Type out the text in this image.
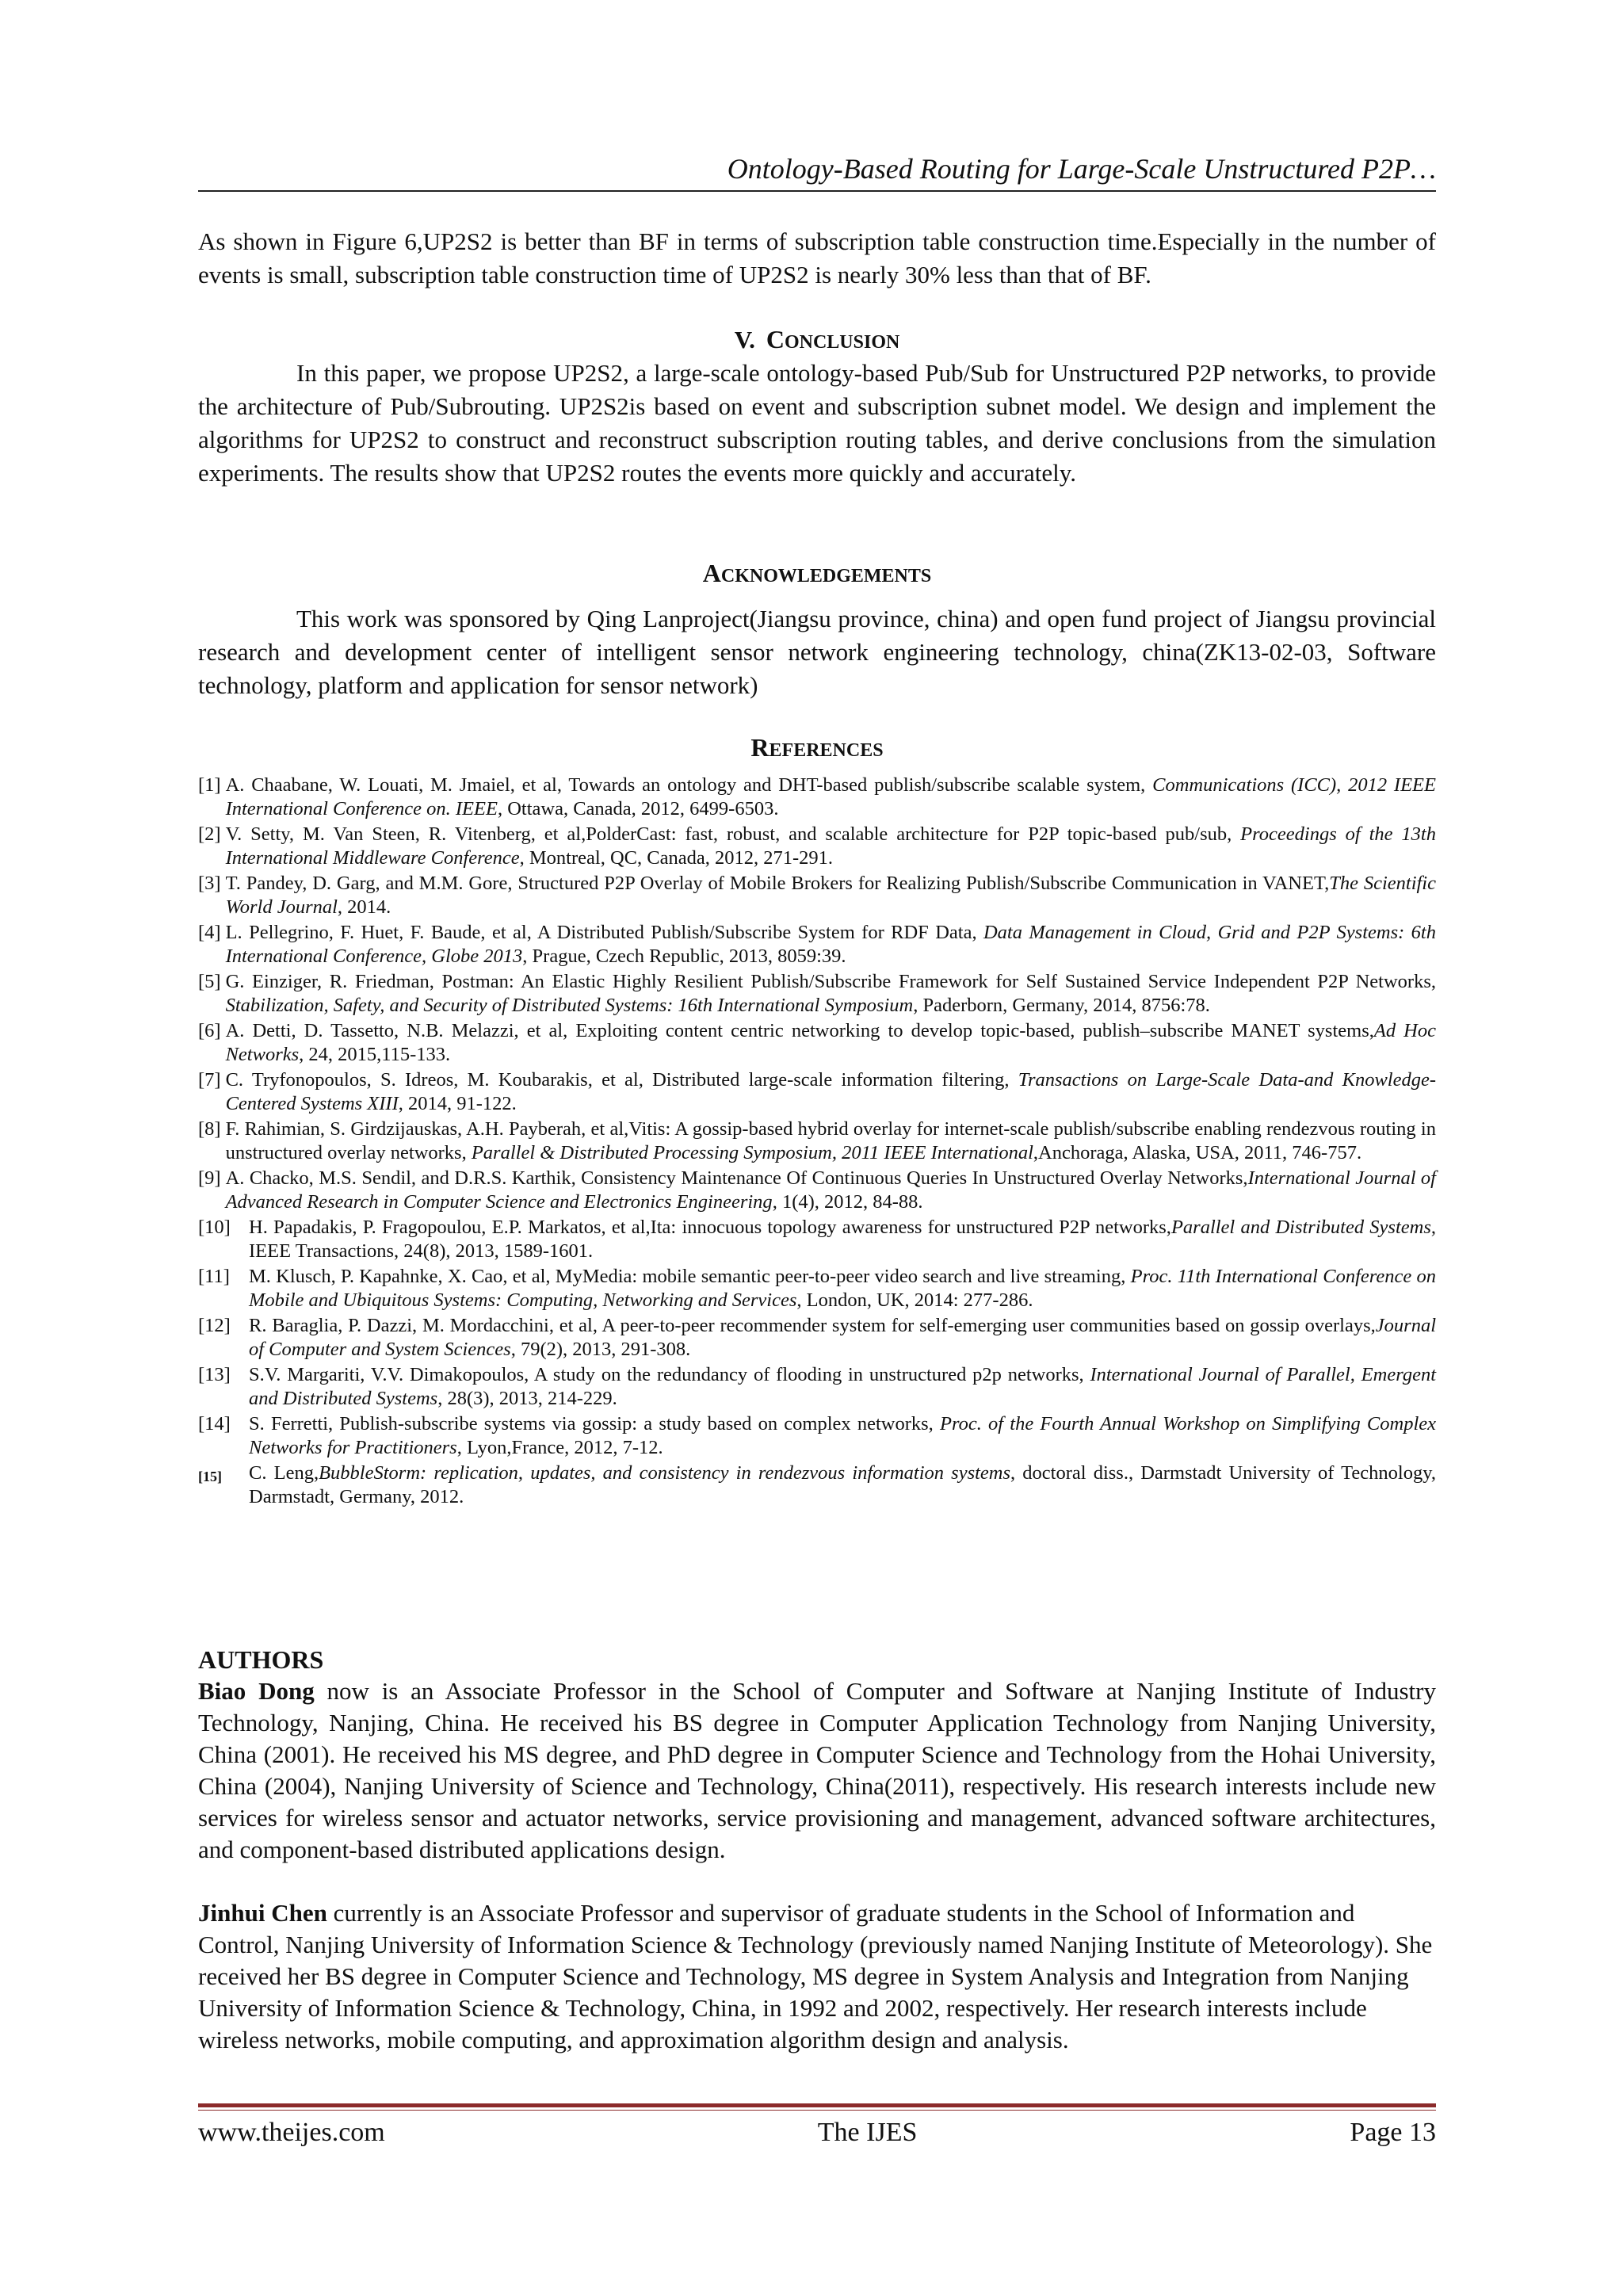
Ontology-Based Routing for Large-Scale Unstructured P2P…

As shown in Figure 6,UP2S2 is better than BF in terms of subscription table construction time.Especially in the number of events is small, subscription table construction time of UP2S2 is nearly 30% less than that of BF.

V. CONCLUSION

In this paper, we propose UP2S2, a large-scale ontology-based Pub/Sub for Unstructured P2P networks, to provide the architecture of Pub/Subrouting. UP2S2is based on event and subscription subnet model. We design and implement the algorithms for UP2S2 to construct and reconstruct subscription routing tables, and derive conclusions from the simulation experiments. The results show that UP2S2 routes the events more quickly and accurately.

ACKNOWLEDGEMENTS

This work was sponsored by Qing Lanproject(Jiangsu province, china) and open fund project of Jiangsu provincial research and development center of intelligent sensor network engineering technology, china(ZK13-02-03, Software technology, platform and application for sensor network)

REFERENCES
[1] A. Chaabane, W. Louati, M. Jmaiel, et al, Towards an ontology and DHT-based publish/subscribe scalable system, Communications (ICC), 2012 IEEE International Conference on. IEEE, Ottawa, Canada, 2012, 6499-6503.
[2] V. Setty, M. Van Steen, R. Vitenberg, et al,PolderCast: fast, robust, and scalable architecture for P2P topic-based pub/sub, Proceedings of the 13th International Middleware Conference, Montreal, QC, Canada, 2012, 271-291.
[3] T. Pandey, D. Garg, and M.M. Gore, Structured P2P Overlay of Mobile Brokers for Realizing Publish/Subscribe Communication in VANET,The Scientific World Journal, 2014.
[4] L. Pellegrino, F. Huet, F. Baude, et al, A Distributed Publish/Subscribe System for RDF Data, Data Management in Cloud, Grid and P2P Systems: 6th International Conference, Globe 2013, Prague, Czech Republic, 2013, 8059:39.
[5] G. Einziger, R. Friedman, Postman: An Elastic Highly Resilient Publish/Subscribe Framework for Self Sustained Service Independent P2P Networks, Stabilization, Safety, and Security of Distributed Systems: 16th International Symposium, Paderborn, Germany, 2014, 8756:78.
[6] A. Detti, D. Tassetto, N.B. Melazzi, et al, Exploiting content centric networking to develop topic-based, publish–subscribe MANET systems,Ad Hoc Networks, 24, 2015,115-133.
[7] C. Tryfonopoulos, S. Idreos, M. Koubarakis, et al, Distributed large-scale information filtering, Transactions on Large-Scale Data-and Knowledge-Centered Systems XIII, 2014, 91-122.
[8] F. Rahimian, S. Girdzijauskas, A.H. Payberah, et al,Vitis: A gossip-based hybrid overlay for internet-scale publish/subscribe enabling rendezvous routing in unstructured overlay networks, Parallel & Distributed Processing Symposium, 2011 IEEE International,Anchoraga, Alaska, USA, 2011, 746-757.
[9] A. Chacko, M.S. Sendil, and D.R.S. Karthik, Consistency Maintenance Of Continuous Queries In Unstructured Overlay Networks,International Journal of Advanced Research in Computer Science and Electronics Engineering, 1(4), 2012, 84-88.
[10] H. Papadakis, P. Fragopoulou, E.P. Markatos, et al,Ita: innocuous topology awareness for unstructured P2P networks,Parallel and Distributed Systems, IEEE Transactions, 24(8), 2013, 1589-1601.
[11] M. Klusch, P. Kapahnke, X. Cao, et al, MyMedia: mobile semantic peer-to-peer video search and live streaming, Proc. 11th International Conference on Mobile and Ubiquitous Systems: Computing, Networking and Services, London, UK, 2014: 277-286.
[12] R. Baraglia, P. Dazzi, M. Mordacchini, et al, A peer-to-peer recommender system for self-emerging user communities based on gossip overlays,Journal of Computer and System Sciences, 79(2), 2013, 291-308.
[13] S.V. Margariti, V.V. Dimakopoulos, A study on the redundancy of flooding in unstructured p2p networks, International Journal of Parallel, Emergent and Distributed Systems, 28(3), 2013, 214-229.
[14] S. Ferretti, Publish-subscribe systems via gossip: a study based on complex networks, Proc. of the Fourth Annual Workshop on Simplifying Complex Networks for Practitioners, Lyon,France, 2012, 7-12.
[15]	C. Leng,BubbleStorm: replication, updates, and consistency in rendezvous information systems, doctoral diss., Darmstadt University of Technology, Darmstadt, Germany, 2012.
AUTHORS

Biao Dong now is an Associate Professor in the School of Computer and Software at Nanjing Institute of Industry Technology, Nanjing, China. He received his BS degree in Computer Application Technology from Nanjing University, China (2001). He received his MS degree, and PhD degree in Computer Science and Technology from the Hohai University, China (2004), Nanjing University of Science and Technology, China(2011), respectively. His research interests include new services for wireless sensor and actuator networks, service provisioning and management, advanced software architectures, and component-based distributed applications design.

Jinhui Chen currently is an Associate Professor and supervisor of graduate students in the School of Information and Control, Nanjing University of Information Science & Technology (previously named Nanjing Institute of Meteorology). She received her BS degree in Computer Science and Technology, MS degree in System Analysis and Integration from Nanjing University of Information Science & Technology, China, in 1992 and 2002, respectively. Her research interests include wireless networks, mobile computing, and approximation algorithm design and analysis.

www.theijes.com	The IJES	Page 13
